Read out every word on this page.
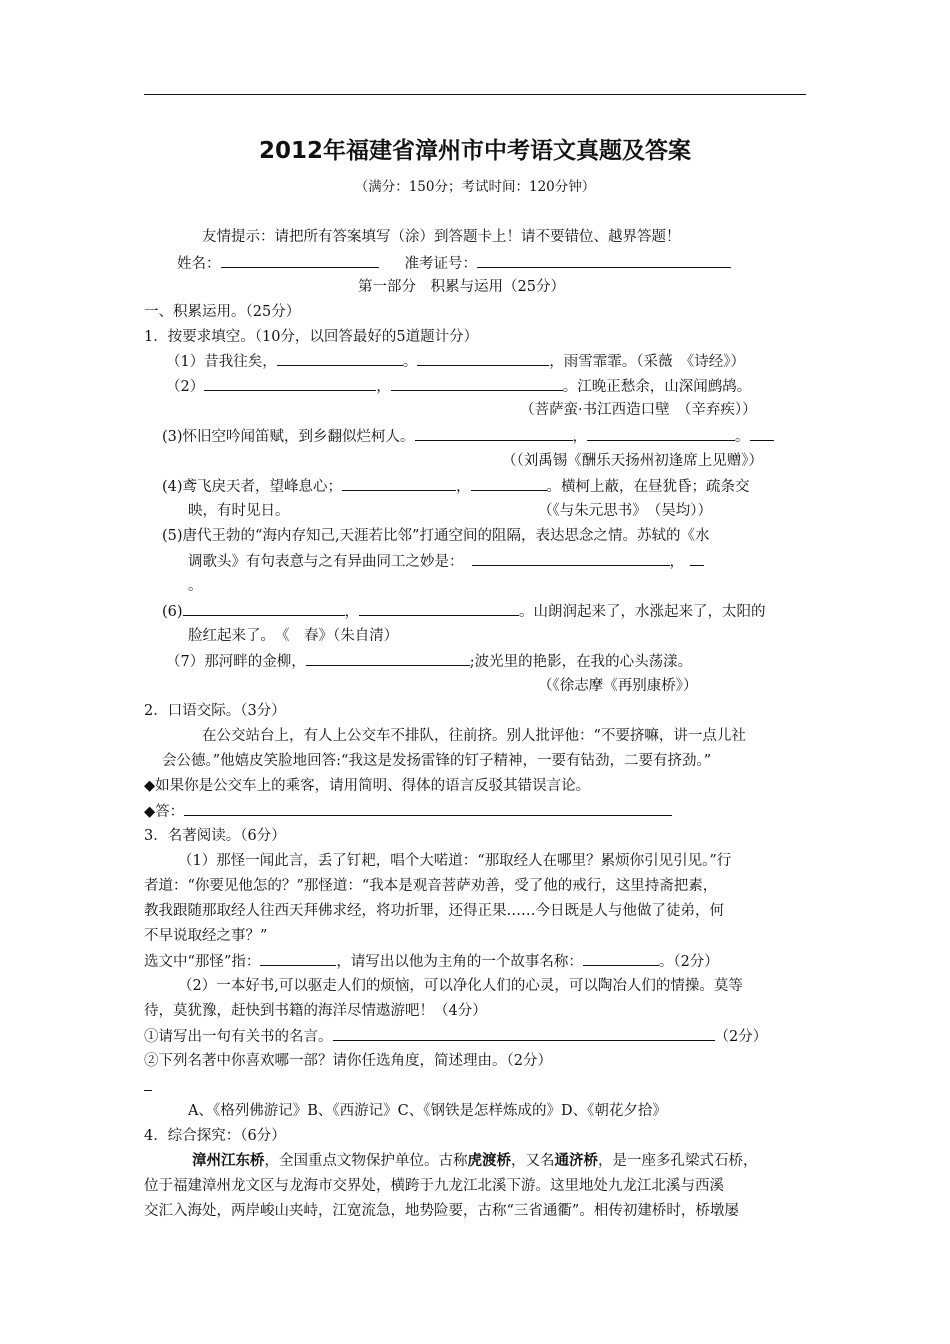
2012年福建省漳州市中考语文真题及答案
（满分：150分；考试时间：120分钟）
友情提示：请把所有答案填写（涂）到答题卡上！请不要错位、越界答题！
姓名：	准考证号：
第一部分　积累与运用（25分）
一、积累运用。（25分）
1．按要求填空。（10分，以回答最好的5道题计分）
（1）昔我往矣，	。	，雨雪霏霏。（采薇　《诗经》）
（2）	，	。江晚正愁余，山深闻鹧鸪。
（菩萨蛮·书江西造口壁　（辛弃疾））
(3)怀旧空吟闻笛赋，到乡翻似烂柯人。	，	。
（（刘禹锡《酬乐天扬州初逢席上见赠》）
(4)鸢飞戾天者，望峰息心；	，	。横柯上蔽，在昼犹昏；疏条交
映，有时见日。	（《与朱元思书》　（吴均））
(5)唐代王勃的“海内存知己,天涯若比邻”打通空间的阻隔，表达思念之情。苏轼的《水
调歌头》有句表意与之有异曲同工之妙是：	，
。
(6)	，	。山朗润起来了，水涨起来了，太阳的
脸红起来了。　《　春》（朱自清）
（7）那河畔的金柳，	;波光里的艳影，在我的心头荡漾。
（《徐志摩《再别康桥》）
2．口语交际。（3分）
在公交站台上，有人上公交车不排队，往前挤。别人批评他：“不要挤嘛，讲一点儿社
会公德。”他嬉皮笑脸地回答:“我这是发扬雷锋的钉子精神，一要有钻劲，二要有挤劲。”
◆如果你是公交车上的乘客，请用简明、得体的语言反驳其错误言论。
◆答：
3．名著阅读。（6分）
（1）那怪一闻此言，丢了钉耙，唱个大喏道：“那取经人在哪里？累烦你引见引见。”行
者道：“你要见他怎的？”那怪道：“我本是观音菩萨劝善，受了他的戒行，这里持斋把素，
教我跟随那取经人往西天拜佛求经，将功折罪，还得正果……今日既是人与他做了徒弟，何
不早说取经之事？”
选文中“那怪”指：	，请写出以他为主角的一个故事名称：	。（2分）
（2）一本好书,可以驱走人们的烦恼，可以净化人们的心灵，可以陶冶人们的情操。莫等
待，莫犹豫，赶快到书籍的海洋尽情遨游吧！（4分）
①请写出一句有关书的名言。	（2分）
②下列名著中你喜欢哪一部？请你任选角度，简述理由。（2分）
A、《格列佛游记》B、《西游记》C、《钢铁是怎样炼成的》D、《朝花夕拾》
4．综合探究：（6分）
漳州江东桥，全国重点文物保护单位。古称虎渡桥，又名通济桥，是一座多孔梁式石桥，
位于福建漳州龙文区与龙海市交界处，横跨于九龙江北溪下游。这里地处九龙江北溪与西溪
交汇入海处，两岸峻山夹峙，江宽流急，地势险要，古称“三省通衢”。相传初建桥时，桥墩屡
